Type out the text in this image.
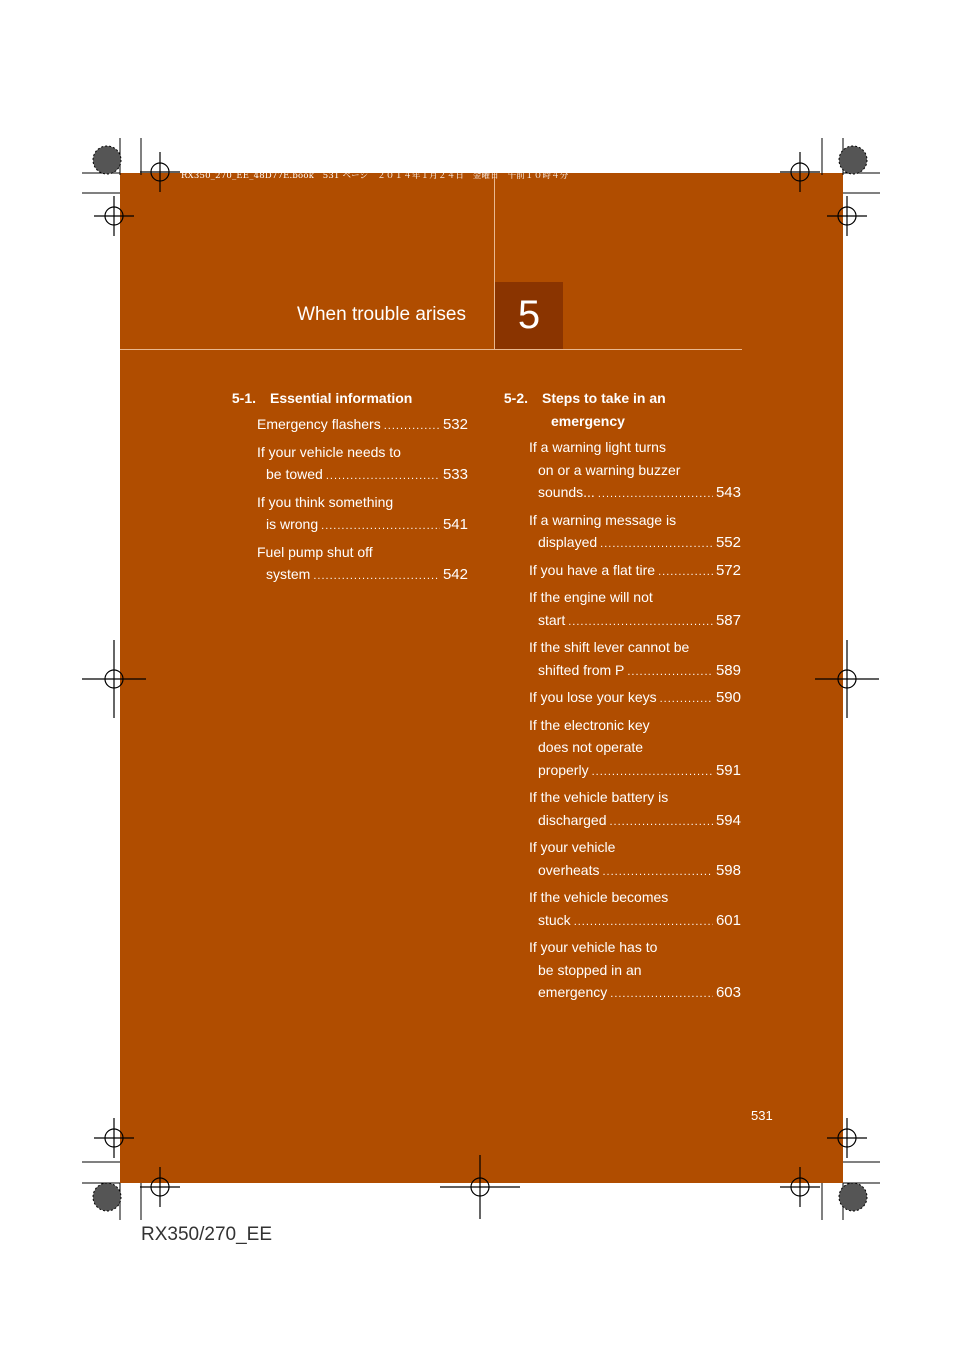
RX350_270_EE_48D77E.book　531 ページ　２０１４年１月２４日　金曜日　午前１０時４分
When trouble arises	5
5-1. Essential information
Emergency flashers .....	532
If your vehicle needs to
be towed .....	533
If you think something
is wrong .....	541
Fuel pump shut off
system .....	542
5-2. Steps to take in an
emergency
If a warning light turns
on or a warning buzzer
sounds... .....	543
If a warning message is
displayed .....	552
If you have a flat tire .....	572
If the engine will not
start .....	587
If the shift lever cannot be
shifted from P .....	589
If you lose your keys .....	590
If the electronic key
does not operate
properly .....	591
If the vehicle battery is
discharged .....	594
If your vehicle
overheats .....	598
If the vehicle becomes
stuck .....	601
If your vehicle has to
be stopped in an
emergency .....	603
531
RX350/270_EE
